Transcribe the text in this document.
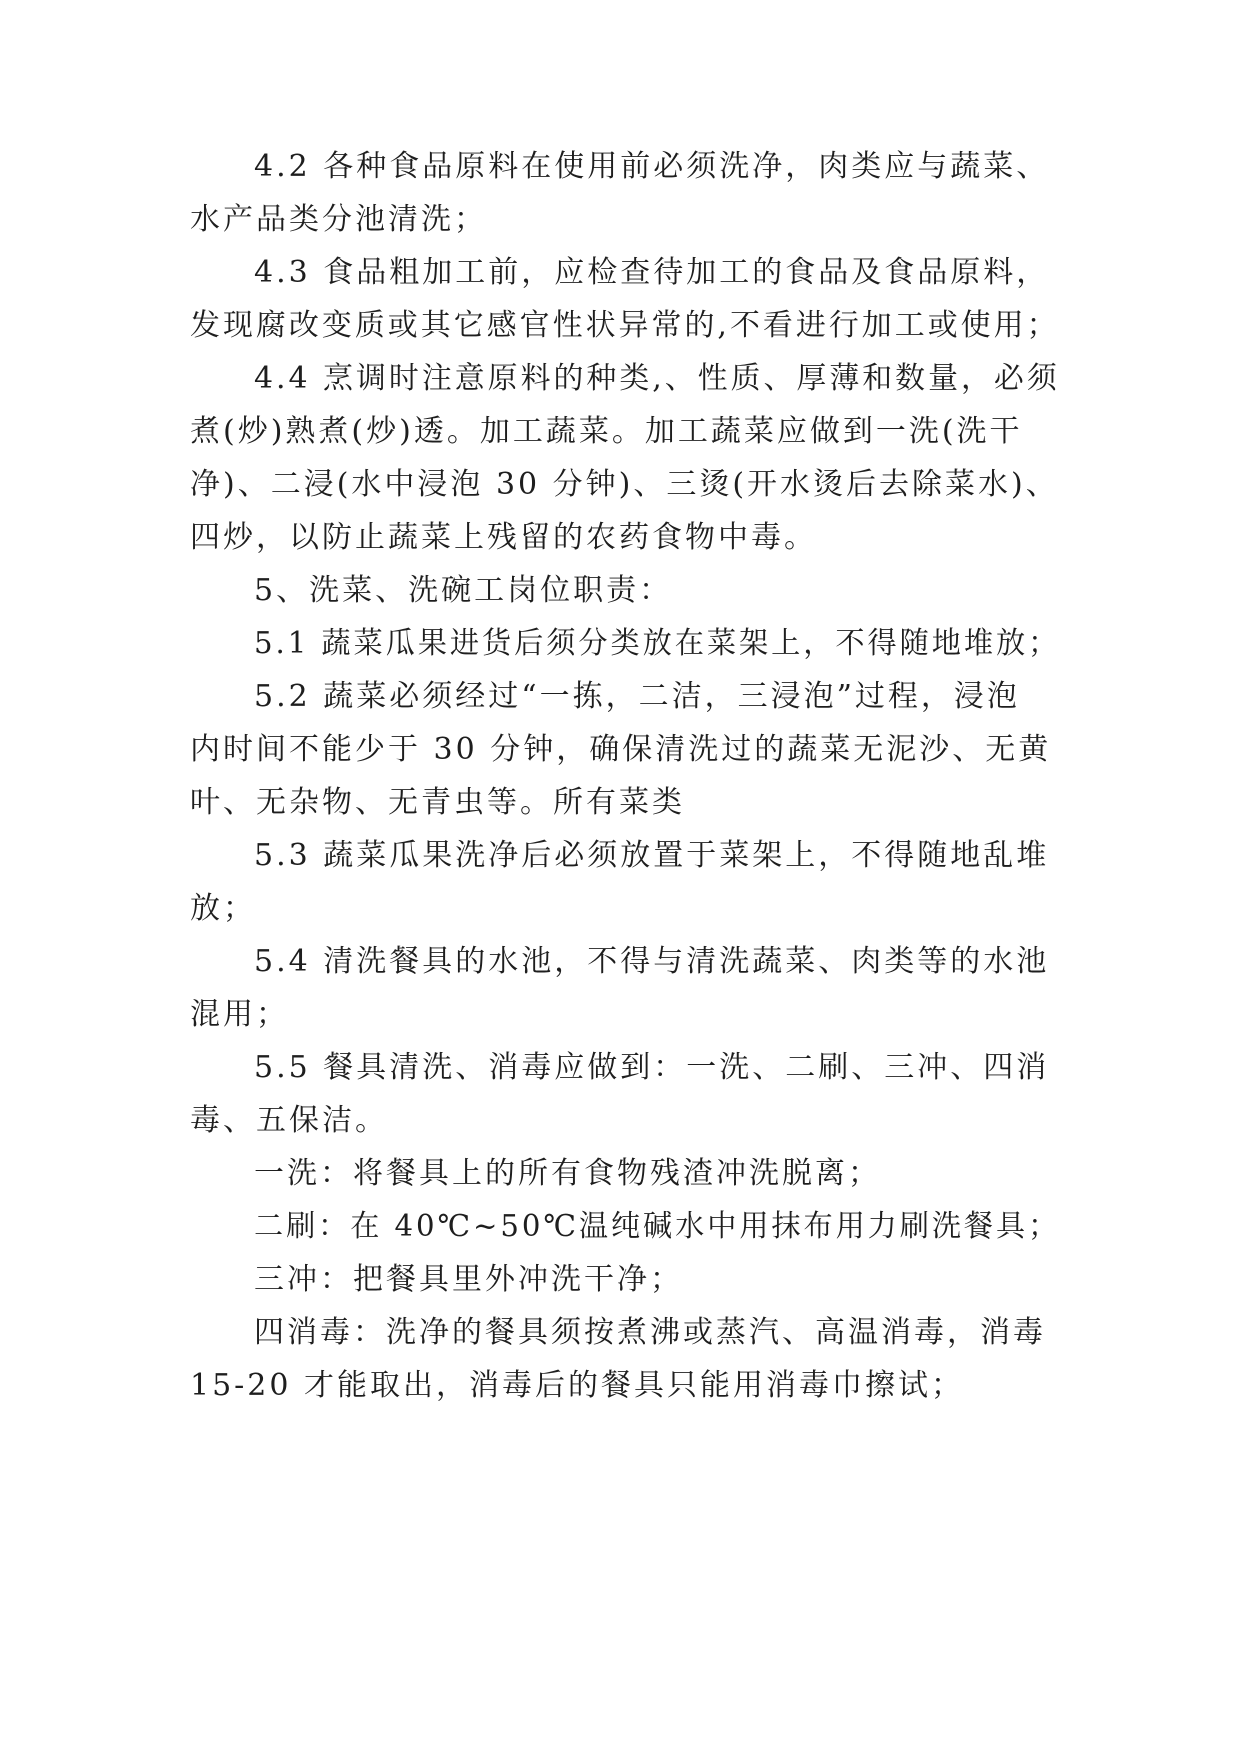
4.2 各种食品原料在使用前必须洗净，肉类应与蔬菜、
水产品类分池清洗；
4.3 食品粗加工前，应检查待加工的食品及食品原料，
发现腐改变质或其它感官性状异常的,不看进行加工或使用；
4.4 烹调时注意原料的种类,、性质、厚薄和数量，必须
煮(炒)熟煮(炒)透。加工蔬菜。加工蔬菜应做到一洗(洗干
净)、二浸(水中浸泡 30 分钟)、三烫(开水烫后去除菜水)、
四炒，以防止蔬菜上残留的农药食物中毒。
5、洗菜、洗碗工岗位职责：
5.1 蔬菜瓜果进货后须分类放在菜架上，不得随地堆放；
5.2 蔬菜必须经过“一拣，二洁，三浸泡”过程，浸泡
内时间不能少于 30 分钟，确保清洗过的蔬菜无泥沙、无黄
叶、无杂物、无青虫等。所有菜类
5.3 蔬菜瓜果洗净后必须放置于菜架上，不得随地乱堆
放；
5.4 清洗餐具的水池，不得与清洗蔬菜、肉类等的水池
混用；
5.5 餐具清洗、消毒应做到：一洗、二刷、三冲、四消
毒、五保洁。
一洗：将餐具上的所有食物残渣冲洗脱离；
二刷：在 40℃~50℃温纯碱水中用抹布用力刷洗餐具；
三冲：把餐具里外冲洗干净；
四消毒：洗净的餐具须按煮沸或蒸汽、高温消毒，消毒
15-20 才能取出，消毒后的餐具只能用消毒巾擦试；
